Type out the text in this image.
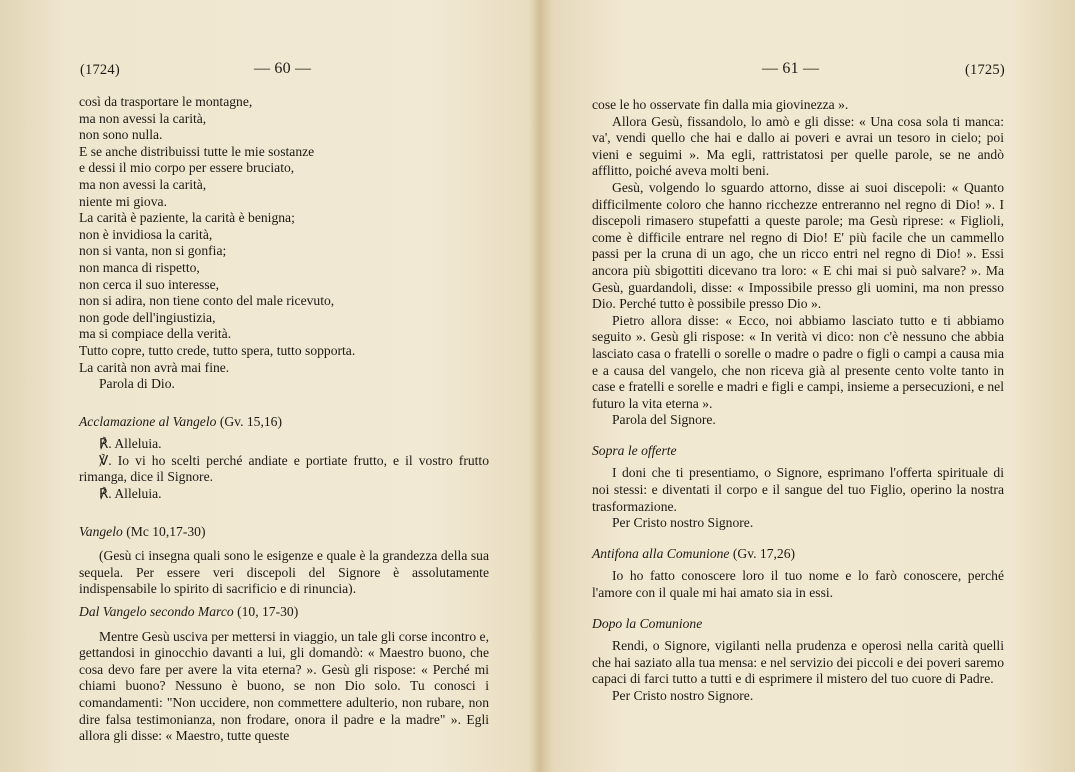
(1724)	— 60 —
così da trasportare le montagne,
ma non avessi la carità,
non sono nulla.
E se anche distribuissi tutte le mie sostanze
e dessi il mio corpo per essere bruciato,
ma non avessi la carità,
niente mi giova.
La carità è paziente, la carità è benigna;
non è invidiosa la carità,
non si vanta, non si gonfia;
non manca di rispetto,
non cerca il suo interesse,
non si adira, non tiene conto del male ricevuto,
non gode dell'ingiustizia,
ma si compiace della verità.
Tutto copre, tutto crede, tutto spera, tutto sopporta.
La carità non avrà mai fine.
Parola di Dio.
Acclamazione al Vangelo (Gv. 15,16)
℟. Alleluia.

℣. Io vi ho scelti perché andiate e portiate frutto, e il vostro frutto rimanga, dice il Signore.

℟. Alleluia.
Vangelo (Mc 10,17-30)

(Gesù ci insegna quali sono le esigenze e quale è la grandezza della sua sequela. Per essere veri discepoli del Signore è assolutamente indispensabile lo spirito di sacrificio e di rinuncia).

Dal Vangelo secondo Marco (10, 17-30)

Mentre Gesù usciva per mettersi in viaggio, un tale gli corse incontro e, gettandosi in ginocchio davanti a lui, gli domandò: « Maestro buono, che cosa devo fare per avere la vita eterna? ». Gesù gli rispose: « Perché mi chiami buono? Nessuno è buono, se non Dio solo. Tu conosci i comandamenti: "Non uccidere, non commettere adulterio, non rubare, non dire falsa testimonianza, non frodare, onora il padre e la madre" ». Egli allora gli disse: « Maestro, tutte queste

— 61 —	(1725)

cose le ho osservate fin dalla mia giovinezza ».

Allora Gesù, fissandolo, lo amò e gli disse: « Una cosa sola ti manca: va', vendi quello che hai e dallo ai poveri e avrai un tesoro in cielo; poi vieni e seguimi ». Ma egli, rattristatosi per quelle parole, se ne andò afflitto, poiché aveva molti beni.

Gesù, volgendo lo sguardo attorno, disse ai suoi discepoli: « Quanto difficilmente coloro che hanno ricchezze entreranno nel regno di Dio! ». I discepoli rimasero stupefatti a queste parole; ma Gesù riprese: « Figlioli, come è difficile entrare nel regno di Dio! E' più facile che un cammello passi per la cruna di un ago, che un ricco entri nel regno di Dio! ». Essi ancora più sbigottiti dicevano tra loro: « E chi mai si può salvare? ». Ma Gesù, guardandoli, disse: « Impossibile presso gli uomini, ma non presso Dio. Perché tutto è possibile presso Dio ».

Pietro allora disse: « Ecco, noi abbiamo lasciato tutto e ti abbiamo seguito ». Gesù gli rispose: « In verità vi dico: non c'è nessuno che abbia lasciato casa o fratelli o sorelle o madre o padre o figli o campi a causa mia e a causa del vangelo, che non riceva già al presente cento volte tanto in case e fratelli e sorelle e madri e figli e campi, insieme a persecuzioni, e nel futuro la vita eterna ».

Parola del Signore.
Sopra le offerte

I doni che ti presentiamo, o Signore, esprimano l'offerta spirituale di noi stessi: e diventati il corpo e il sangue del tuo Figlio, operino la nostra trasformazione.

Per Cristo nostro Signore.
Antifona alla Comunione (Gv. 17,26)

Io ho fatto conoscere loro il tuo nome e lo farò conoscere, perché l'amore con il quale mi hai amato sia in essi.

Dopo la Comunione

Rendi, o Signore, vigilanti nella prudenza e operosi nella carità quelli che hai saziato alla tua mensa: e nel servizio dei piccoli e dei poveri saremo capaci di farci tutto a tutti e di esprimere il mistero del tuo cuore di Padre.

Per Cristo nostro Signore.
